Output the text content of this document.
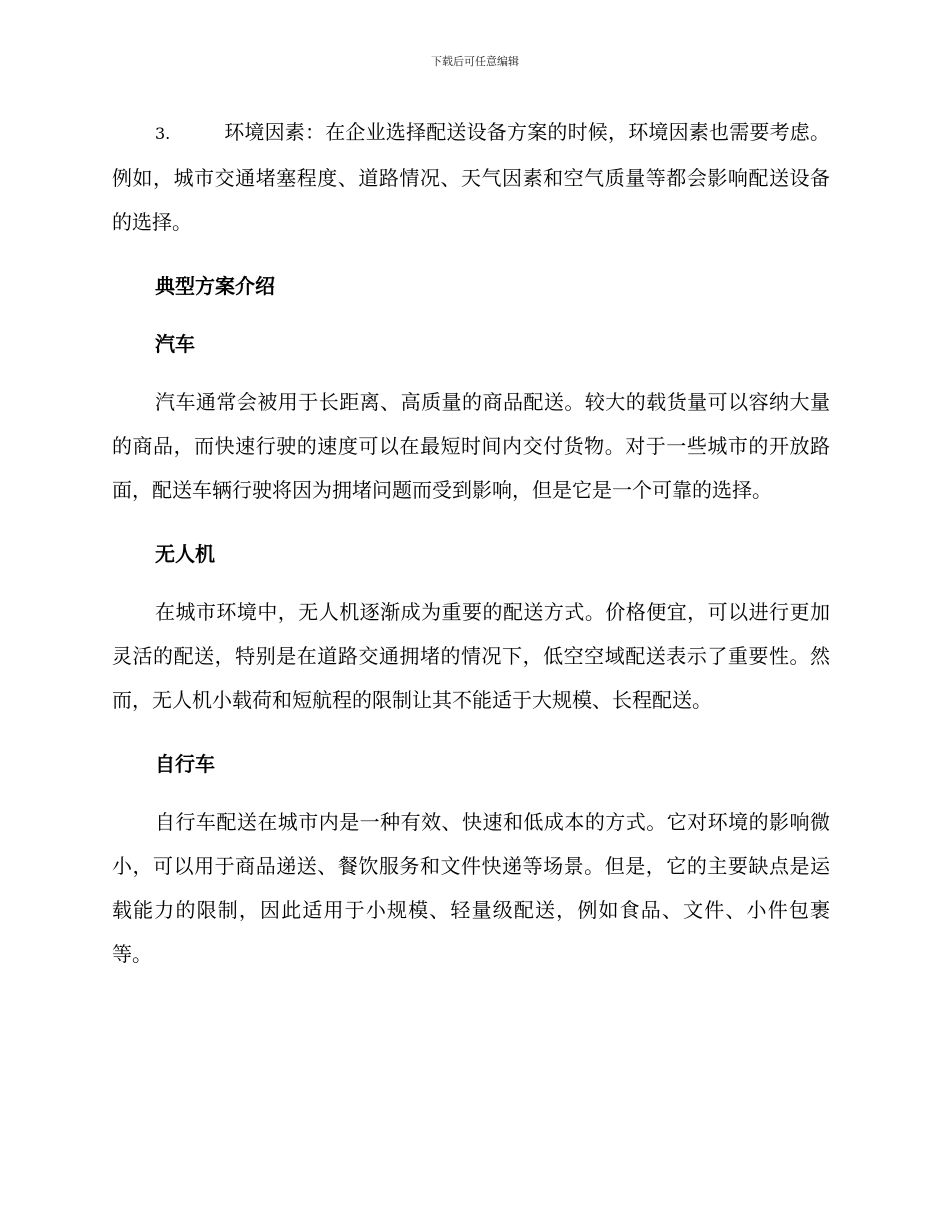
下载后可任意编辑

3.	环境因素：在企业选择配送设备方案的时候，环境因素也需要考虑。例如，城市交通堵塞程度、道路情况、天气因素和空气质量等都会影响配送设备的选择。

典型方案介绍
汽车

汽车通常会被用于长距离、高质量的商品配送。较大的载货量可以容纳大量的商品，而快速行驶的速度可以在最短时间内交付货物。对于一些城市的开放路面，配送车辆行驶将因为拥堵问题而受到影响，但是它是一个可靠的选择。

无人机

在城市环境中，无人机逐渐成为重要的配送方式。价格便宜，可以进行更加灵活的配送，特别是在道路交通拥堵的情况下，低空空域配送表示了重要性。然而，无人机小载荷和短航程的限制让其不能适于大规模、长程配送。

自行车

自行车配送在城市内是一种有效、快速和低成本的方式。它对环境的影响微小，可以用于商品递送、餐饮服务和文件快递等场景。但是，它的主要缺点是运载能力的限制，因此适用于小规模、轻量级配送，例如食品、文件、小件包裹等。
